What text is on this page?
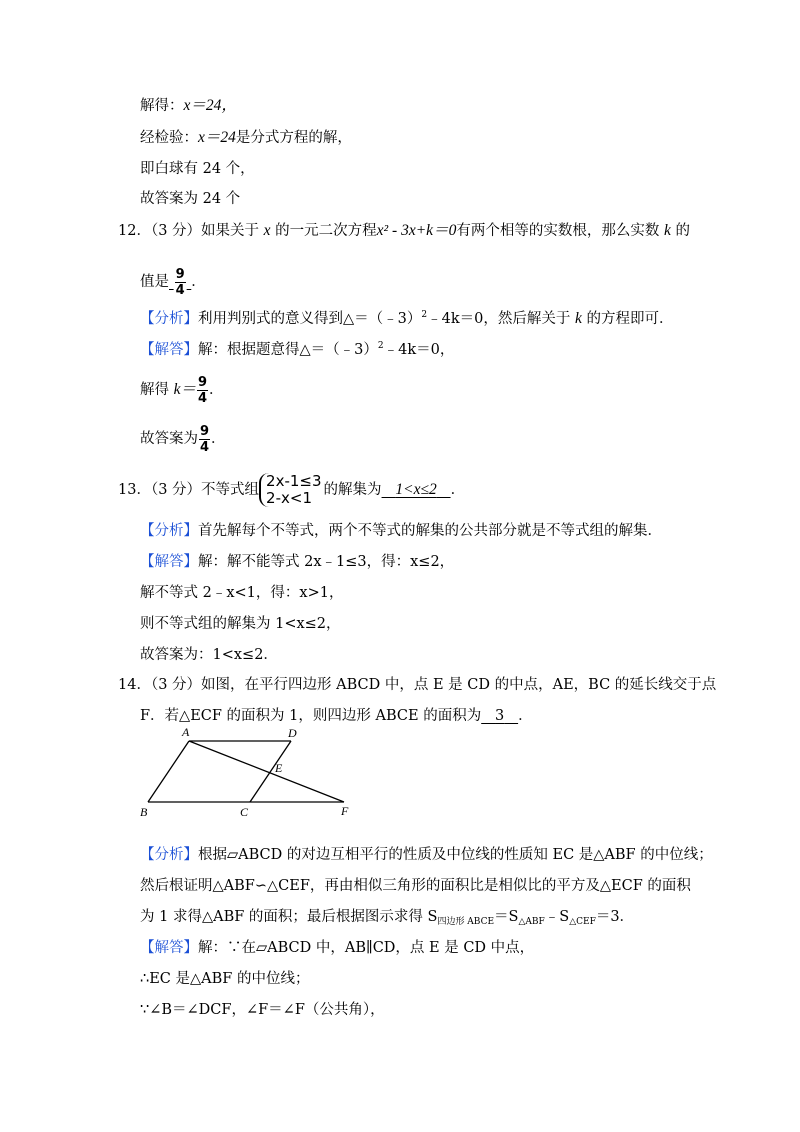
解得：x＝24，
经检验：x＝24是分式方程的解，
即白球有 24 个，
故答案为 24 个
12．（3 分）如果关于 x 的一元二次方程x² - 3x+k＝0有两个相等的实数根，那么实数 k 的
值是 $\frac{9}{4}$ ．
【分析】利用判别式的意义得到△＝（﹣3）$^2$﹣4k＝0，然后解关于 k 的方程即可．
【解答】解：根据题意得△＝（﹣3）$^2$﹣4k＝0，
解得 $k= \frac{9}{4}$ ．
故答案为 $\frac{9}{4}$ ．
13．（3 分）不等式组 2x-1≤3
2-x<1 的解集为 1<x≤2 ．
【分析】首先解每个不等式，两个不等式的解集的公共部分就是不等式组的解集．
【解答】解：解不能等式 2x﹣1≤3，得：x≤2，
解不等式 2﹣x<1，得：x>1，
则不等式组的解集为 1<x≤2，
故答案为：1<x≤2．
14．（3 分）如图，在平行四边形 ABCD 中，点 E 是 CD 的中点，AE，BC 的延长线交于点
F．若△ECF 的面积为 1，则四边形 ABCE 的面积为 3 ．
A	D
E
B	C	F
【分析】根据▱ABCD 的对边互相平行的性质及中位线的性质知 EC 是△ABF 的中位线；
然后根证明△ABF∽△CEF，再由相似三角形的面积比是相似比的平方及△ECF 的面积
为 1 求得△ABF 的面积；最后根据图示求得 $S_{四边形 ABCE}=S_{\triangle ABF}﹣S_{\triangle CEF}=3$．
【解答】解：∵在▱ABCD 中，AB∥CD，点 E 是 CD 中点，
∴EC 是△ABF 的中位线；
∵∠B＝∠DCF，∠F＝∠F（公共角），
